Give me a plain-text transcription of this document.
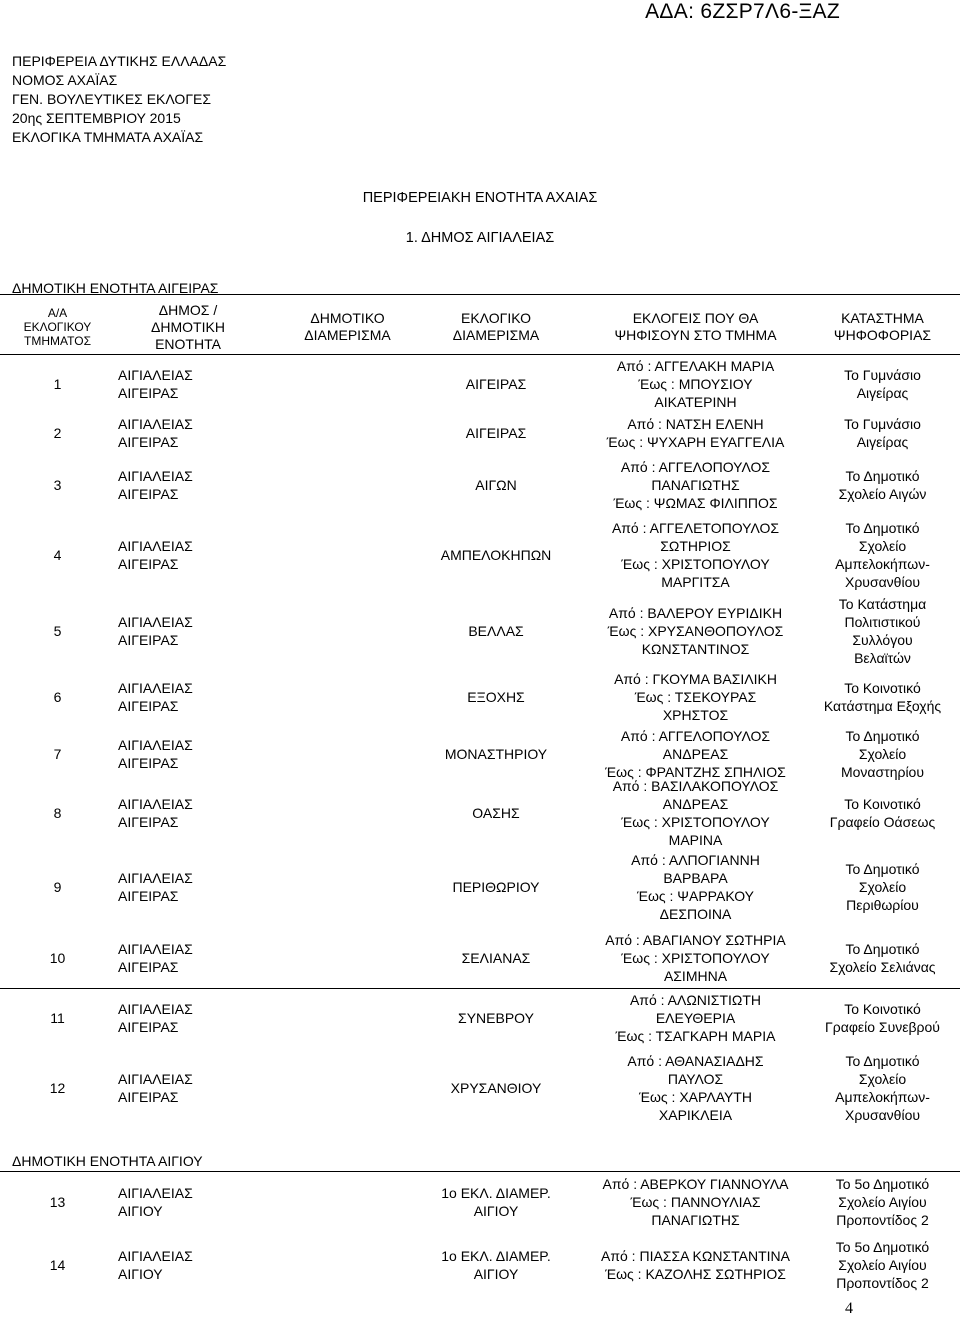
ΑΔΑ: 6ΖΣΡ7Λ6-ΞΑΖ
ΠΕΡΙΦΕΡΕΙΑ ΔΥΤΙΚΗΣ ΕΛΛΑΔΑΣ
ΝΟΜΟΣ ΑΧΑΪΑΣ
ΓΕΝ. ΒΟΥΛΕΥΤΙΚΕΣ ΕΚΛΟΓΕΣ
20ης ΣΕΠΤΕΜΒΡΙΟΥ 2015
ΕΚΛΟΓΙΚΑ ΤΜΗΜΑΤΑ ΑΧΑΪΑΣ
ΠΕΡΙΦΕΡΕΙΑΚΗ ΕΝΟΤΗΤΑ ΑΧΑΙΑΣ
1. ΔΗΜΟΣ ΑΙΓΙΑΛΕΙΑΣ
ΔΗΜΟΤΙΚΗ ΕΝΟΤΗΤΑ ΑΙΓΕΙΡΑΣ
Α/Α
ΕΚΛΟΓΙΚΟΥ
ΤΜΗΜΑΤΟΣ
ΔΗΜΟΣ /
ΔΗΜΟΤΙΚΗ
ΕΝΟΤΗΤΑ
ΔΗΜΟΤΙΚΟ
ΔΙΑΜΕΡΙΣΜΑ
ΕΚΛΟΓΙΚΟ
ΔΙΑΜΕΡΙΣΜΑ
ΕΚΛΟΓΕΙΣ ΠΟΥ ΘΑ
ΨΗΦΙΣΟΥΝ ΣΤΟ ΤΜΗΜΑ
ΚΑΤΑΣΤΗΜΑ
ΨΗΦΟΦΟΡΙΑΣ
1
ΑΙΓΙΑΛΕΙΑΣ
ΑΙΓΕΙΡΑΣ
ΑΙΓΕΙΡΑΣ
Από : ΑΓΓΕΛΑΚΗ ΜΑΡΙΑ
Έως : ΜΠΟΥΣΙΟΥ
ΑΙΚΑΤΕΡΙΝΗ
Το Γυμνάσιο
Αιγείρας
2
ΑΙΓΙΑΛΕΙΑΣ
ΑΙΓΕΙΡΑΣ
ΑΙΓΕΙΡΑΣ
Από : ΝΑΤΣΗ ΕΛΕΝΗ
Έως : ΨΥΧΑΡΗ ΕΥΑΓΓΕΛΙΑ
Το Γυμνάσιο
Αιγείρας
3
ΑΙΓΙΑΛΕΙΑΣ
ΑΙΓΕΙΡΑΣ
ΑΙΓΩΝ
Από : ΑΓΓΕΛΟΠΟΥΛΟΣ
ΠΑΝΑΓΙΩΤΗΣ
Έως : ΨΩΜΑΣ ΦΙΛΙΠΠΟΣ
Το Δημοτικό
Σχολείο Αιγών
4
ΑΙΓΙΑΛΕΙΑΣ
ΑΙΓΕΙΡΑΣ
ΑΜΠΕΛΟΚΗΠΩΝ
Από : ΑΓΓΕΛΕΤΟΠΟΥΛΟΣ
ΣΩΤΗΡΙΟΣ
Έως : ΧΡΙΣΤΟΠΟΥΛΟΥ
ΜΑΡΓΙΤΣΑ
Το Δημοτικό
Σχολείο
Αμπελοκήπων-
Χρυσανθίου
5
ΑΙΓΙΑΛΕΙΑΣ
ΑΙΓΕΙΡΑΣ
ΒΕΛΛΑΣ
Από : ΒΑΛΕΡΟΥ ΕΥΡΙΔΙΚΗ
Έως : ΧΡΥΣΑΝΘΟΠΟΥΛΟΣ
ΚΩΝΣΤΑΝΤΙΝΟΣ
Το Κατάστημα
Πολιτιστικού
Συλλόγου
Βελαϊτών
6
ΑΙΓΙΑΛΕΙΑΣ
ΑΙΓΕΙΡΑΣ
ΕΞΟΧΗΣ
Από : ΓΚΟΥΜΑ ΒΑΣΙΛΙΚΗ
Έως : ΤΣΕΚΟΥΡΑΣ
ΧΡΗΣΤΟΣ
Το Κοινοτικό
Κατάστημα Εξοχής
7
ΑΙΓΙΑΛΕΙΑΣ
ΑΙΓΕΙΡΑΣ
ΜΟΝΑΣΤΗΡΙΟΥ
Από : ΑΓΓΕΛΟΠΟΥΛΟΣ
ΑΝΔΡΕΑΣ
Έως : ΦΡΑΝΤΖΗΣ ΣΠΗΛΙΟΣ
Το Δημοτικό
Σχολείο
Μοναστηρίου
8
ΑΙΓΙΑΛΕΙΑΣ
ΑΙΓΕΙΡΑΣ
ΟΑΣΗΣ
Από : ΒΑΣΙΛΑΚΟΠΟΥΛΟΣ
ΑΝΔΡΕΑΣ
Έως : ΧΡΙΣΤΟΠΟΥΛΟΥ
ΜΑΡΙΝΑ
Το Κοινοτικό
Γραφείο Οάσεως
9
ΑΙΓΙΑΛΕΙΑΣ
ΑΙΓΕΙΡΑΣ
ΠΕΡΙΘΩΡΙΟΥ
Από : ΑΛΠΟΓΙΑΝΝΗ
ΒΑΡΒΑΡΑ
Έως : ΨΑΡΡΑΚΟΥ
ΔΕΣΠΟΙΝΑ
Το Δημοτικό
Σχολείο
Περιθωρίου
10
ΑΙΓΙΑΛΕΙΑΣ
ΑΙΓΕΙΡΑΣ
ΣΕΛΙΑΝΑΣ
Από : ΑΒΑΓΙΑΝΟΥ ΣΩΤΗΡΙΑ
Έως : ΧΡΙΣΤΟΠΟΥΛΟΥ
ΑΣΙΜΗΝΑ
Το Δημοτικό
Σχολείο Σελιάνας
11
ΑΙΓΙΑΛΕΙΑΣ
ΑΙΓΕΙΡΑΣ
ΣΥΝΕΒΡΟΥ
Από : ΑΛΩΝΙΣΤΙΩΤΗ
ΕΛΕΥΘΕΡΙΑ
Έως : ΤΣΑΓΚΑΡΗ ΜΑΡΙΑ
Το Κοινοτικό
Γραφείο Συνεβρού
12
ΑΙΓΙΑΛΕΙΑΣ
ΑΙΓΕΙΡΑΣ
ΧΡΥΣΑΝΘΙΟΥ
Από : ΑΘΑΝΑΣΙΑΔΗΣ
ΠΑΥΛΟΣ
Έως : ΧΑΡΛΑΥΤΗ
ΧΑΡΙΚΛΕΙΑ
Το Δημοτικό
Σχολείο
Αμπελοκήπων-
Χρυσανθίου
ΔΗΜΟΤΙΚΗ ΕΝΟΤΗΤΑ ΑΙΓΙΟΥ
13
ΑΙΓΙΑΛΕΙΑΣ
ΑΙΓΙΟΥ
1ο ΕΚΛ. ΔΙΑΜΕΡ.
ΑΙΓΙΟΥ
Από : ΑΒΕΡΚΟΥ ΓΙΑΝΝΟΥΛΑ
Έως : ΠΑΝΝΟΥΛΙΑΣ
ΠΑΝΑΓΙΩΤΗΣ
Το 5ο Δημοτικό
Σχολείο Αιγίου
Προποντίδος 2
14
ΑΙΓΙΑΛΕΙΑΣ
ΑΙΓΙΟΥ
1ο ΕΚΛ. ΔΙΑΜΕΡ.
ΑΙΓΙΟΥ
Από : ΠΙΑΣΣΑ ΚΩΝΣΤΑΝΤΙΝΑ
Έως : ΚΑΖΟΛΗΣ ΣΩΤΗΡΙΟΣ
Το 5ο Δημοτικό
Σχολείο Αιγίου
Προποντίδος 2
4
